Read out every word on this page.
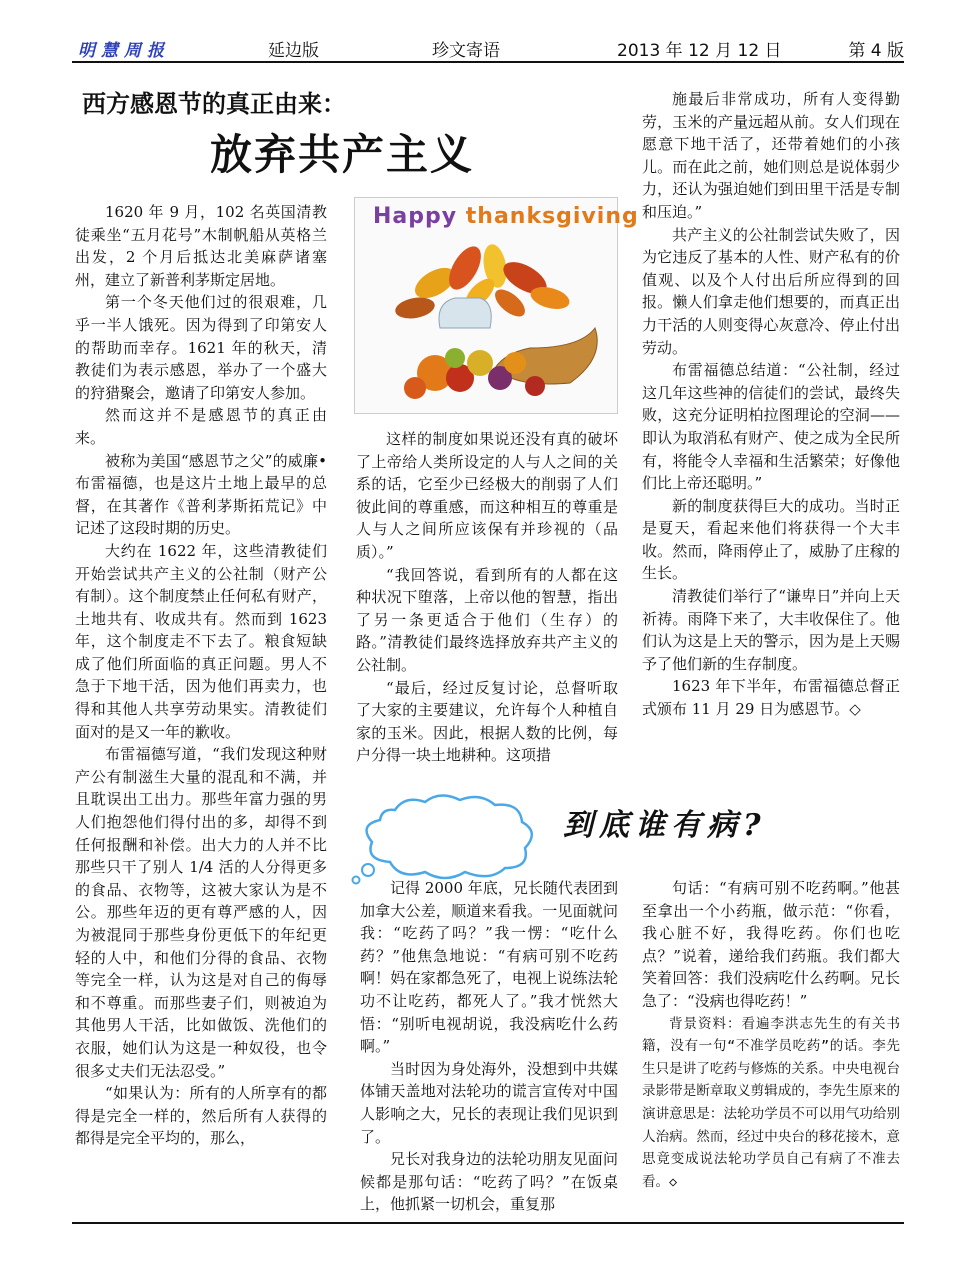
明慧周报	延边版	珍文寄语	2013 年 12 月 12 日	第 4 版
西方感恩节的真正由来：
放弃共产主义

1620 年 9 月，102 名英国清教徒乘坐“五月花号”木制帆船从英格兰出发，2 个月后抵达北美麻萨诸塞州，建立了新普利茅斯定居地。

第一个冬天他们过的很艰难，几乎一半人饿死。因为得到了印第安人的帮助而幸存。1621 年的秋天，清教徒们为表示感恩，举办了一个盛大的狩猎聚会，邀请了印第安人参加。

然而这并不是感恩节的真正由来。

被称为美国“感恩节之父”的威廉•布雷福德，也是这片土地上最早的总督，在其著作《普利茅斯拓荒记》中记述了这段时期的历史。

大约在 1622 年，这些清教徒们开始尝试共产主义的公社制（财产公有制）。这个制度禁止任何私有财产，土地共有、收成共有。然而到 1623 年，这个制度走不下去了。粮食短缺成了他们所面临的真正问题。男人不急于下地干活，因为他们再卖力，也得和其他人共享劳动果实。清教徒们面对的是又一年的歉收。

布雷福德写道，“我们发现这种财产公有制滋生大量的混乱和不满，并且耽误出工出力。那些年富力强的男人们抱怨他们得付出的多，却得不到任何报酬和补偿。出大力的人并不比那些只干了别人 1/4 活的人分得更多的食品、衣物等，这被大家认为是不公。那些年迈的更有尊严感的人，因为被混同于那些身份更低下的年纪更轻的人中，和他们分得的食品、衣物等完全一样，认为这是对自己的侮辱和不尊重。而那些妻子们，则被迫为其他男人干活，比如做饭、洗他们的衣服，她们认为这是一种奴役，也令很多丈夫们无法忍受。”

“如果认为：所有的人所享有的都得是完全一样的，然后所有人获得的都得是完全平均的，那么，

Happy thanksgiving

这样的制度如果说还没有真的破坏了上帝给人类所设定的人与人之间的关系的话，它至少已经极大的削弱了人们彼此间的尊重感，而这种相互的尊重是人与人之间所应该保有并珍视的（品质）。”

“我回答说，看到所有的人都在这种状况下堕落，上帝以他的智慧，指出了另一条更适合于他们（生存）的路。”清教徒们最终选择放弃共产主义的公社制。

“最后，经过反复讨论，总督听取了大家的主要建议，允许每个人种植自家的玉米。因此，根据人数的比例，每户分得一块土地耕种。这项措

施最后非常成功，所有人变得勤劳，玉米的产量远超从前。女人们现在愿意下地干活了，还带着她们的小孩儿。而在此之前，她们则总是说体弱少力，还认为强迫她们到田里干活是专制和压迫。”

共产主义的公社制尝试失败了，因为它违反了基本的人性、财产私有的价值观、以及个人付出后所应得到的回报。懒人们拿走他们想要的，而真正出力干活的人则变得心灰意冷、停止付出劳动。

布雷福德总结道：“公社制，经过这几年这些神的信徒们的尝试，最终失败，这充分证明柏拉图理论的空洞——即认为取消私有财产、使之成为全民所有，将能令人幸福和生活繁荣；好像他们比上帝还聪明。”

新的制度获得巨大的成功。当时正是夏天，看起来他们将获得一个大丰收。然而，降雨停止了，威胁了庄稼的生长。

清教徒们举行了“谦卑日”并向上天祈祷。雨降下来了，大丰收保住了。他们认为这是上天的警示，因为是上天赐予了他们新的生存制度。

1623 年下半年，布雷福德总督正式颁布 11 月 29 日为感恩节。◇

到底谁有病?

记得 2000 年底，兄长随代表团到加拿大公差，顺道来看我。一见面就问我：“吃药了吗？”我一愣：“吃什么药？”他焦急地说：“有病可别不吃药啊！妈在家都急死了，电视上说练法轮功不让吃药，都死人了。”我才恍然大悟：“别听电视胡说，我没病吃什么药啊。”

当时因为身处海外，没想到中共媒体铺天盖地对法轮功的谎言宣传对中国人影响之大，兄长的表现让我们见识到了。

兄长对我身边的法轮功朋友见面问候都是那句话：“吃药了吗？”在饭桌上，他抓紧一切机会，重复那

句话：“有病可别不吃药啊。”他甚至拿出一个小药瓶，做示范：“你看，我心脏不好，我得吃药。你们也吃点？”说着，递给我们药瓶。我们都大笑着回答：我们没病吃什么药啊。兄长急了：“没病也得吃药！”

背景资料：看遍李洪志先生的有关书籍，没有一句“不准学员吃药”的话。李先生只是讲了吃药与修炼的关系。中央电视台录影带是断章取义剪辑成的，李先生原来的演讲意思是：法轮功学员不可以用气功给别人治病。然而，经过中央台的移花接木，意思竟变成说法轮功学员自己有病了不准去看。◇
